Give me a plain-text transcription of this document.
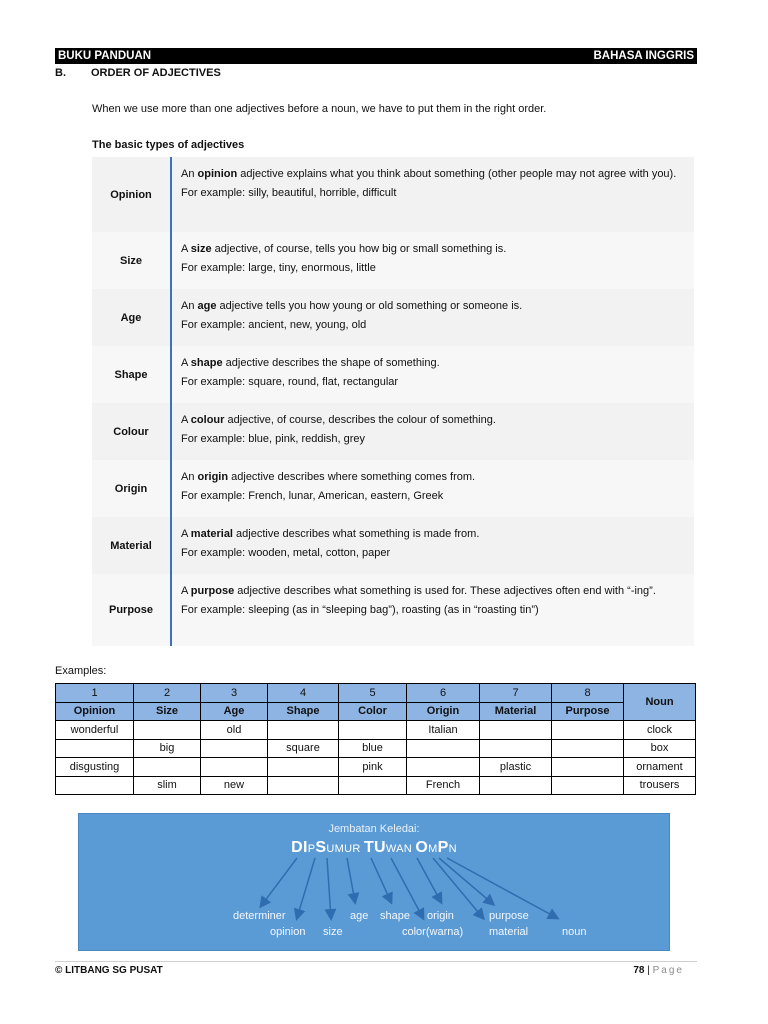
BUKU PANDUAN	BAHASA INGGRIS
B.	ORDER OF ADJECTIVES
When we use more than one adjectives before a noun, we have to put them in the right order.
The basic types of adjectives
Opinion
An opinion adjective explains what you think about something (other people may not agree with you).
For example: silly, beautiful, horrible, difficult
Size
A size adjective, of course, tells you how big or small something is.
For example: large, tiny, enormous, little
Age
An age adjective tells you how young or old something or someone is.
For example: ancient, new, young, old
Shape
A shape adjective describes the shape of something.
For example: square, round, flat, rectangular
Colour
A colour adjective, of course, describes the colour of something.
For example: blue, pink, reddish, grey
Origin
An origin adjective describes where something comes from.
For example: French, lunar, American, eastern, Greek
Material
A material adjective describes what something is made from.
For example: wooden, metal, cotton, paper
Purpose
A purpose adjective describes what something is used for. These adjectives often end with “-ing”.
For example: sleeping (as in “sleeping bag”), roasting (as in “roasting tin”)
Examples:
1	2	3	4	5	6	7	8	Noun
Opinion	Size	Age	Shape	Color	Origin	Material	Purpose	
wonderful		old			Italian			clock
	big		square	blue				box
disgusting				pink		plastic		ornament
	slim	new			French			trousers
Jembatan Keledai:
DIPSUMUR TUWAN OMPN
determiner
opinion size
age shape
color(warna)
origin
material
purpose
noun
© LITBANG SG PUSAT	78 | Page
